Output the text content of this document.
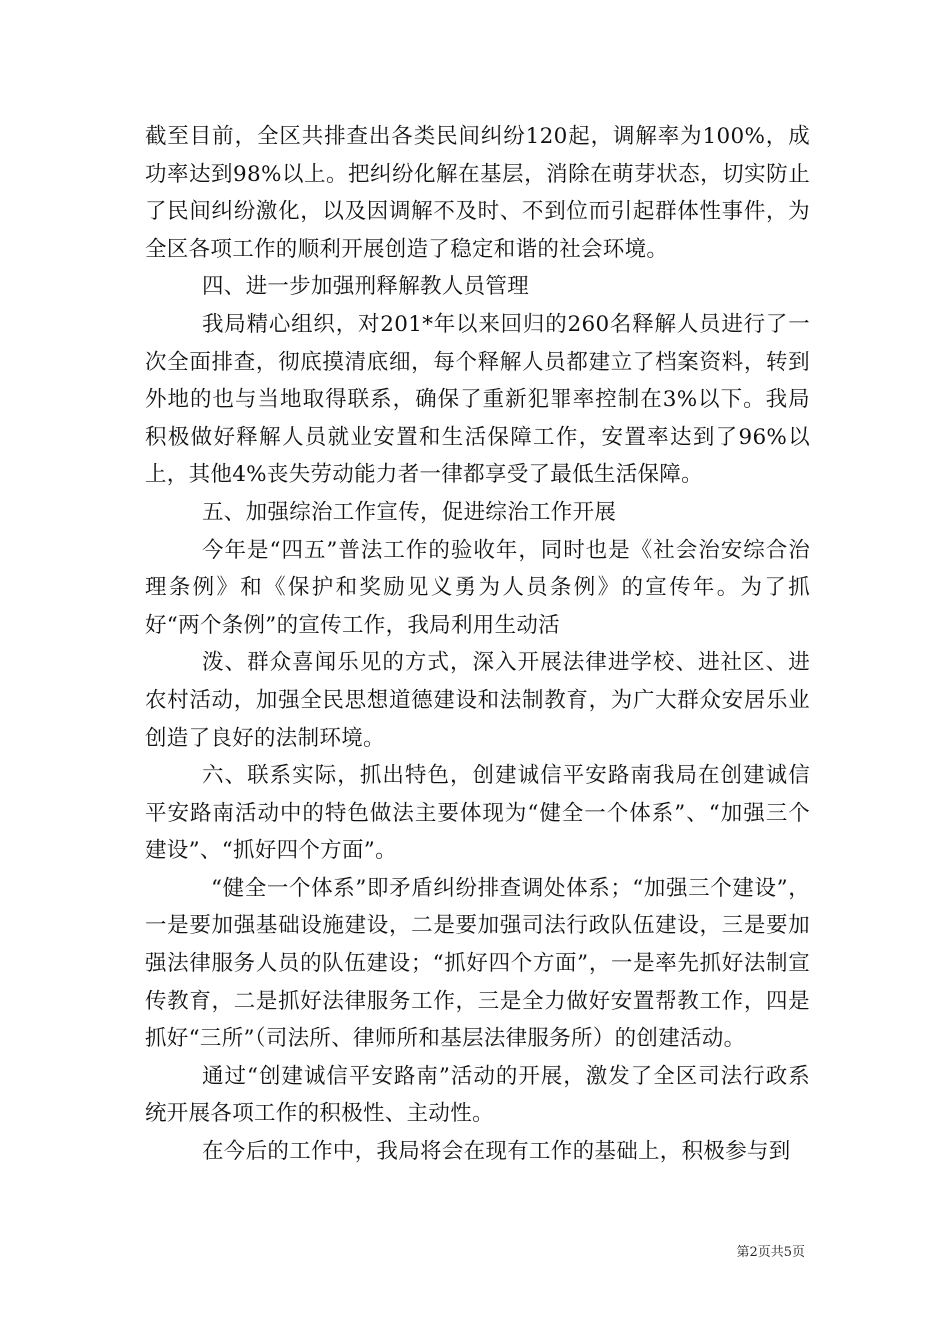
截至目前，全区共排查出各类民间纠纷120起，调解率为100%，成功率达到98%以上。把纠纷化解在基层，消除在萌芽状态，切实防止了民间纠纷激化，以及因调解不及时、不到位而引起群体性事件，为全区各项工作的顺利开展创造了稳定和谐的社会环境。

四、进一步加强刑释解教人员管理

我局精心组织，对201*年以来回归的260名释解人员进行了一次全面排查，彻底摸清底细，每个释解人员都建立了档案资料，转到外地的也与当地取得联系，确保了重新犯罪率控制在3%以下。我局积极做好释解人员就业安置和生活保障工作，安置率达到了96%以上，其他4%丧失劳动能力者一律都享受了最低生活保障。

五、加强综治工作宣传，促进综治工作开展

今年是“四五”普法工作的验收年，同时也是《社会治安综合治理条例》和《保护和奖励见义勇为人员条例》的宣传年。为了抓好“两个条例”的宣传工作，我局利用生动活

泼、群众喜闻乐见的方式，深入开展法律进学校、进社区、进农村活动，加强全民思想道德建设和法制教育，为广大群众安居乐业创造了良好的法制环境。

六、联系实际，抓出特色，创建诚信平安路南我局在创建诚信平安路南活动中的特色做法主要体现为“健全一个体系”、“加强三个建设”、“抓好四个方面”。

“健全一个体系”即矛盾纠纷排查调处体系；“加强三个建设”，一是要加强基础设施建设，二是要加强司法行政队伍建设，三是要加强法律服务人员的队伍建设；“抓好四个方面”，一是率先抓好法制宣传教育，二是抓好法律服务工作，三是全力做好安置帮教工作，四是抓好“三所”（司法所、律师所和基层法律服务所）的创建活动。

通过“创建诚信平安路南”活动的开展，激发了全区司法行政系统开展各项工作的积极性、主动性。

在今后的工作中，我局将会在现有工作的基础上，积极参与到

第2页共5页
